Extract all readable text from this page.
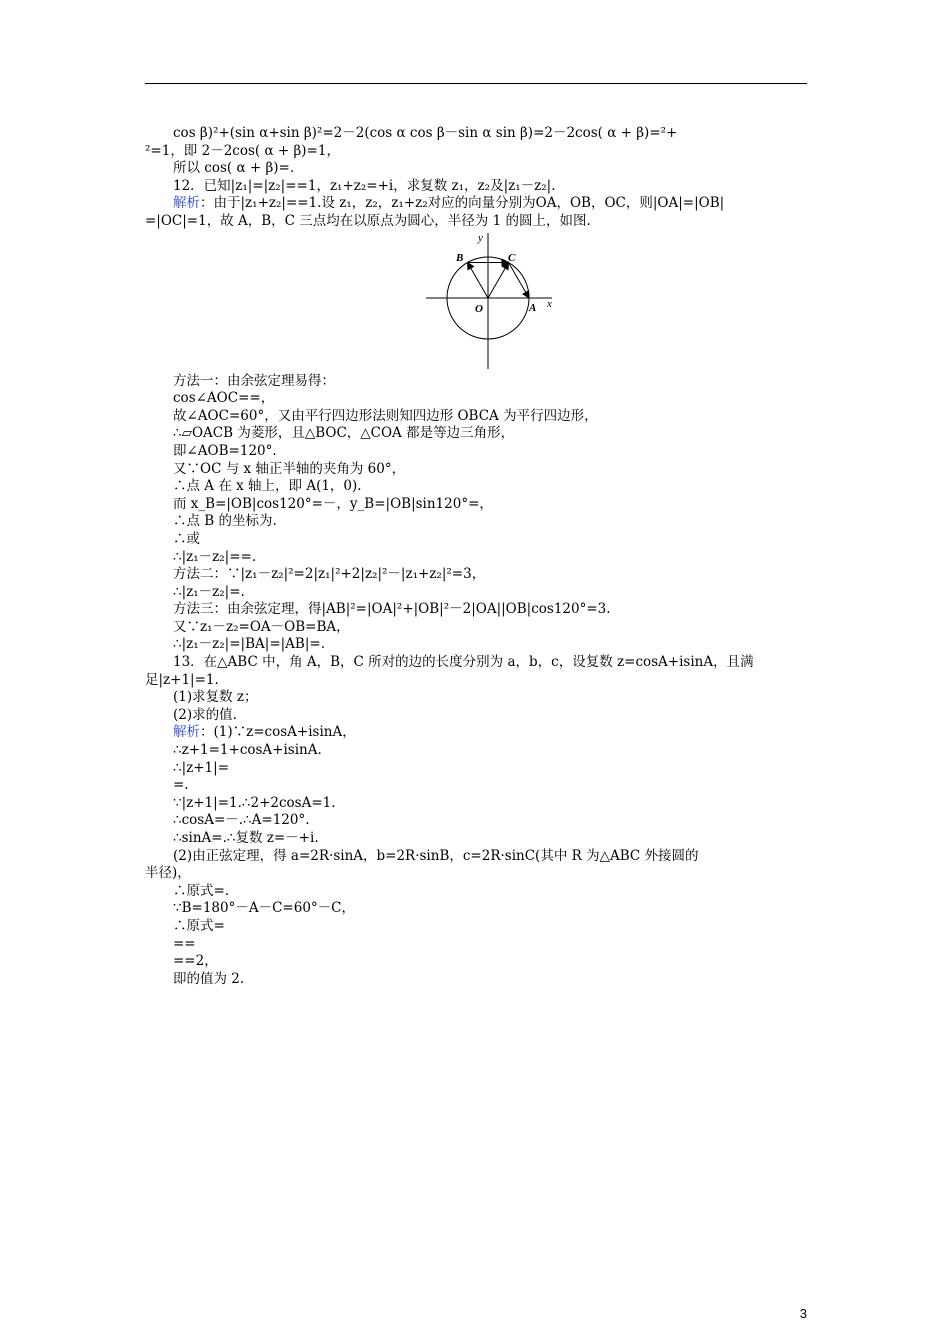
cos β)²+(sin α+sin β)²=2－2(cos α cos β－sin α sin β)=2－2cos( α + β)=²+
²=1，即 2－2cos( α + β)=1，
所以 cos( α + β)=.
12．已知|z₁|=|z₂|==1，z₁+z₂=+i，求复数 z₁，z₂及|z₁－z₂|.
解析：由于|z₁+z₂|==1.设 z₁，z₂，z₁+z₂对应的向量分别为OA，OB，OC，则|OA|=|OB|
=|OC|=1，故 A，B，C 三点均在以原点为圆心，半径为 1 的圆上，如图.
y
x
O	A
B	C
方法一：由余弦定理易得：
cos∠AOC==，
故∠AOC=60°，又由平行四边形法则知四边形 OBCA 为平行四边形，
∴▱OACB 为菱形，且△BOC，△COA 都是等边三角形，
即∠AOB=120°.
又∵OC 与 x 轴正半轴的夹角为 60°，
∴点 A 在 x 轴上，即 A(1，0).
而 x_B=|OB|cos120°=－，y_B=|OB|sin120°=，
∴点 B 的坐标为.
∴或
∴|z₁－z₂|==.
方法二：∵|z₁－z₂|²=2|z₁|²+2|z₂|²－|z₁+z₂|²=3，
∴|z₁－z₂|=.
方法三：由余弦定理，得|AB|²=|OA|²+|OB|²－2|OA||OB|cos120°=3.
又∵z₁－z₂=OA－OB=BA，
∴|z₁－z₂|=|BA|=|AB|=.
13．在△ABC 中，角 A，B，C 所对的边的长度分别为 a，b，c，设复数 z=cosA+isinA，且满
足|z+1|=1.
(1)求复数 z；
(2)求的值.
解析：(1)∵z=cosA+isinA，
∴z+1=1+cosA+isinA.
∴|z+1|=
=.
∵|z+1|=1.∴2+2cosA=1.
∴cosA=－.∴A=120°.
∴sinA=.∴复数 z=－+i.
(2)由正弦定理，得 a=2R·sinA，b=2R·sinB，c=2R·sinC(其中 R 为△ABC 外接圆的
半径)，
∴原式=.
∵B=180°－A－C=60°－C，
∴原式=
==
==2，
即的值为 2.
3
